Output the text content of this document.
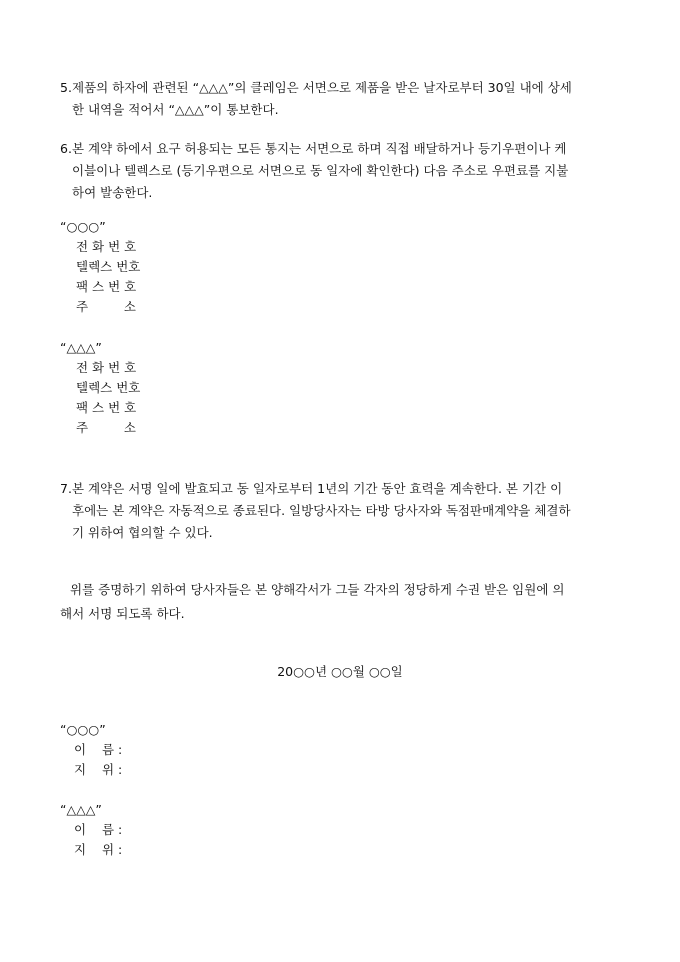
5. 제품의 하자에 관련된 “△△△”의 클레임은 서면으로 제품을 받은 날자로부터 30일 내에 상세
한 내역을 적어서 “△△△”이 통보한다.
6. 본 계약 하에서 요구 허용되는 모든 통지는 서면으로 하며 직접 배달하거나 등기우편이나 케
이블이나 텔렉스로 (등기우편으로 서면으로 동 일자에 확인한다) 다음 주소로 우편료를 지불
하여 발송한다.
“○○○”
전 화 번 호
텔렉스 번호
팩 스 번 호
주         소
“△△△”
전 화 번 호
텔렉스 번호
팩 스 번 호
주         소
7. 본 계약은 서명 일에 발효되고 동 일자로부터 1년의 기간 동안 효력을 계속한다. 본 기간 이
후에는 본 계약은 자동적으로 종료된다. 일방당사자는 타방 당사자와 독점판매계약을 체결하
기 위하여 협의할 수 있다.
위를 증명하기 위하여 당사자들은 본 양해각서가 그들 각자의 정당하게 수권 받은 임원에 의
해서 서명 되도록 하다.
20○○년 ○○월 ○○일
“○○○”
이    름 :
지    위 :
“△△△”
이    름 :
지    위 :
